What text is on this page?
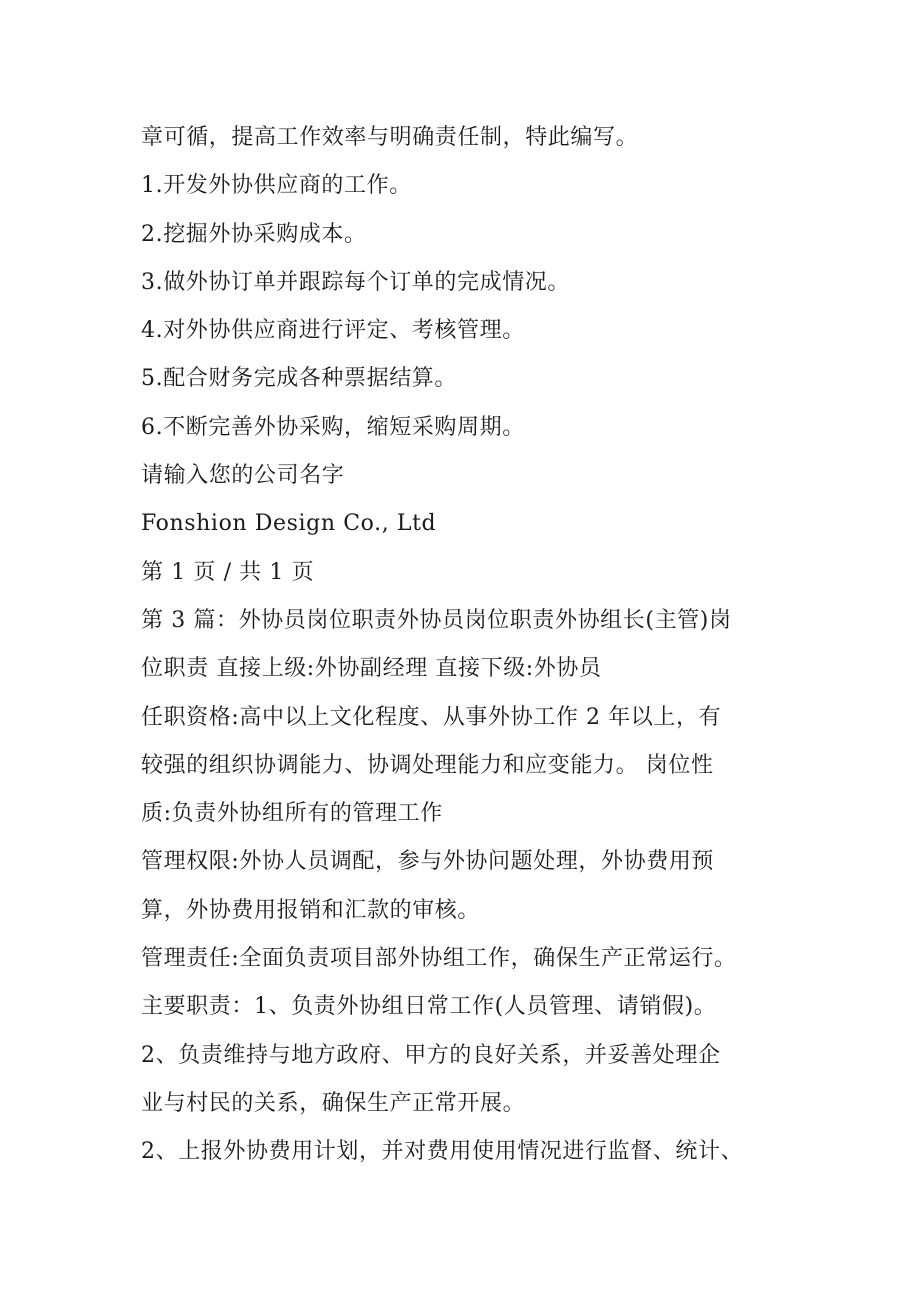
章可循，提高工作效率与明确责任制，特此编写。
1.开发外协供应商的工作。
2.挖掘外协采购成本。
3.做外协订单并跟踪每个订单的完成情况。
4.对外协供应商进行评定、考核管理。
5.配合财务完成各种票据结算。
6.不断完善外协采购，缩短采购周期。
请输入您的公司名字
Fonshion Design Co., Ltd
第 1 页 / 共 1 页
第 3 篇：外协员岗位职责外协员岗位职责外协组长(主管)岗
位职责 直接上级:外协副经理 直接下级:外协员
任职资格:高中以上文化程度、从事外协工作 2 年以上，有
较强的组织协调能力、协调处理能力和应变能力。 岗位性
质:负责外协组所有的管理工作
管理权限:外协人员调配，参与外协问题处理，外协费用预
算，外协费用报销和汇款的审核。
管理责任:全面负责项目部外协组工作，确保生产正常运行。
主要职责：1、负责外协组日常工作(人员管理、请销假)。
2、负责维持与地方政府、甲方的良好关系，并妥善处理企
业与村民的关系，确保生产正常开展。
2、上报外协费用计划，并对费用使用情况进行监督、统计、
